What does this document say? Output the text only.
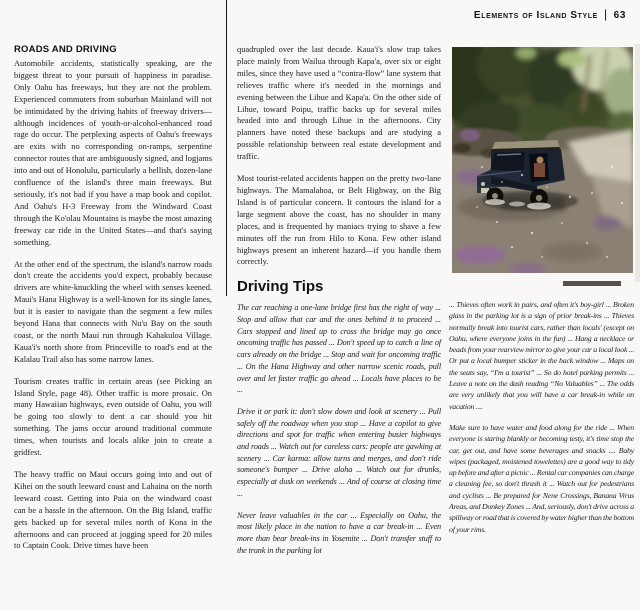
Elements of Island Style | 63
ROADS AND DRIVING

Automobile accidents, statistically speaking, are the biggest threat to your pursuit of happiness in paradise. Only Oahu has freeways, but they are not the problem. Experienced commuters from suburban Mainland will not be intimidated by the driving habits of freeway drivers—although incidences of youth-or-alcohol-enhanced road rage do occur. The perplexing aspects of Oahu's freeways are exits with no corresponding on-ramps, serpentine connector routes that are ambiguously signed, and logjams into and out of Honolulu, particularly a hellish, dozen-lane confluence of the island's three main freeways. But seriously, it's not bad if you have a map book and copilot. And Oahu's H-3 Freeway from the Windward Coast through the Ko'olau Mountains is maybe the most amazing freeway car ride in the United States—and that's saying something.

At the other end of the spectrum, the island's narrow roads don't create the accidents you'd expect, probably because drivers are white-knuckling the wheel with senses keened. Maui's Hana Highway is a well-known for its single lanes, but it is easier to navigate than the segment a few miles beyond Hana that connects with Nu'u Bay on the south coast, or the north Maui run through Kahakuloa Village. Kaua'i's north shore from Princeville to road's end at the Kalalau Trail also has some narrow lanes.

Tourism creates traffic in certain areas (see Picking an Island Style, page 48). Other traffic is more prosaic. On many Hawaiian highways, even outside of Oahu, you will be going too slowly to dent a car should you hit something. The jams occur around traditional commute times, when tourists and locals alike join to create a gridfest.

The heavy traffic on Maui occurs going into and out of Kihei on the south leeward coast and Lahaina on the north leeward coast. Getting into Paia on the windward coast can be a hassle in the afternoon. On the Big Island, traffic gets backed up for several miles north of Kona in the afternoons and can proceed at jogging speed for 20 miles to Captain Cook. Drive times have been

quadrupled over the last decade. Kaua'i's slow trap takes place mainly from Wailua through Kapa'a, over six or eight miles, since they have used a “contra-flow” lane system that relieves traffic where it's needed in the mornings and evening between the Lihue and Kapa'a. On the other side of Lihue, toward Poipu, traffic backs up for several miles headed into and through Lihue in the afternoons. City planners have noted these backups and are studying a possible relationship between real estate development and traffic.

Most tourist-related accidents happen on the pretty two-lane highways. The Mamalahoa, or Belt Highway, on the Big Island is of particular concern. It contours the island for a large segment above the coast, has no shoulder in many places, and is frequented by maniacs trying to shave a few minutes off the run from Hilo to Kona. Few other island highways present an inherent hazard—if you handle them correctly.

Driving Tips

The car reaching a one-lane bridge first has the right of way ... Stop and allow that car and the ones behind it to proceed ... Cars stopped and lined up to cross the bridge may go once oncoming traffic has passed ... Don't speed up to catch a line of cars already on the bridge ... Stop and wait for oncoming traffic ... On the Hana Highway and other narrow scenic roads, pull over and let faster traffic go ahead ... Locals have places to be ...

Drive it or park it: don't slow down and look at scenery ... Pull safely off the roadway when you stop ... Have a copilot to give directions and spot for traffic when entering busier highways and roads ... Watch out for careless cars: people are gawking at scenery ... Car karma: allow turns and merges, and don't ride someone's bumper ... Drive aloha ... Watch out for drunks, especially at dusk on weekends ... And of course at closing time ...

Never leave valuables in the car ... Especially on Oahu, the most likely place in the nation to have a car break-in ... Even more than bear break-ins in Yosemite ... Don't transfer stuff to the trunk in the parking lot

... Thieves often work in pairs, and often it's boy-girl ... Broken glass in the parking lot is a sign of prior break-ins ... Thieves normally break into tourist cars, rather than locals' (except on Oahu, where everyone joins in the fun) ... Hang a necklace or beads from your rearview mirror to give your car a local look ... Or put a local bumper sticker in the back window ... Maps on the seats say, “I'm a tourist” ... So do hotel parking permits ... Leave a note on the dash reading “No Valuables” ... The odds are very unlikely that you will have a car break-in while on vacation ....

Make sure to have water and food along for the ride ... When everyone is staring blankly or becoming testy, it's time stop the car, get out, and have some beverages and snacks .... Baby wipes (packaged, moistened towelettes) are a good way to tidy up before and after a picnic ... Rental car companies can charge a cleaning fee, so don't thrash it ... Watch out for pedestrians and cyclists ... Be prepared for Nene Crossings, Banana Virus Areas, and Donkey Zones ... And, seriously, don't drive across a spillway or road that is covered by water higher than the bottom of your rims.
